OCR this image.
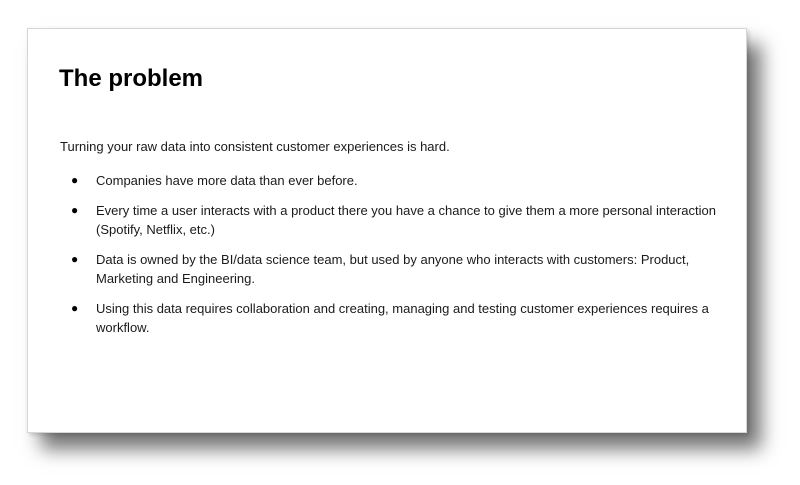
The problem

Turning your raw data into consistent customer experiences is hard.

● Companies have more data than ever before.
● Every time a user interacts with a product there you have a chance to give them a more personal interaction (Spotify, Netflix, etc.)
● Data is owned by the BI/data science team, but used by anyone who interacts with customers: Product, Marketing and Engineering.
● Using this data requires collaboration and creating, managing and testing customer experiences requires a workflow.
